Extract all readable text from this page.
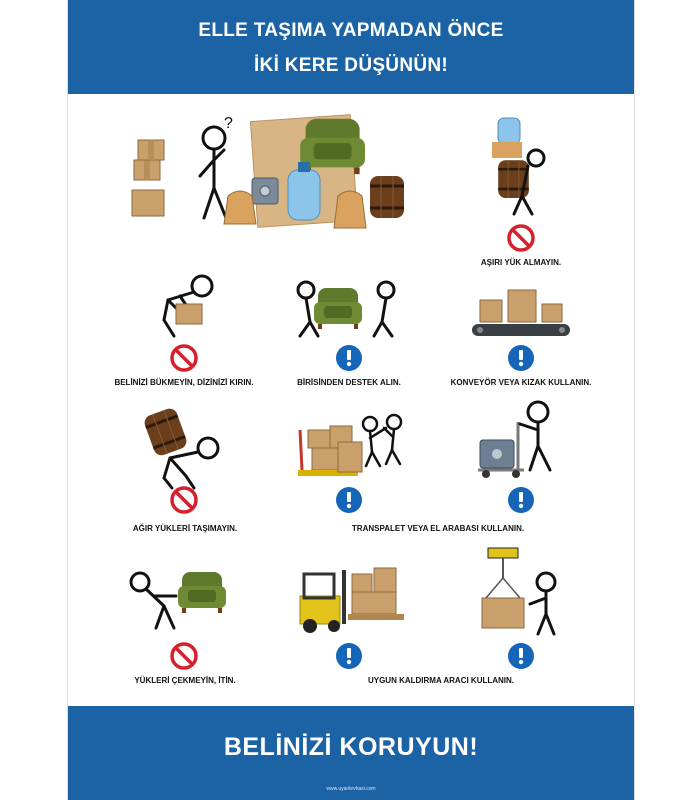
ELLE TAŞIMA YAPMADAN ÖNCE
İKİ KERE DÜŞÜNÜN!
?
AŞIRI YÜK ALMAYIN.
BELİNİZİ BÜKMEYİN, DİZİNİZİ KIRIN.	BİRİSİNDEN DESTEK ALIN.	KONVEYÖR VEYA KIZAK KULLANIN.
AĞIR YÜKLERİ TAŞIMAYIN.	TRANSPALET VEYA EL ARABASI KULLANIN.
YÜKLERİ ÇEKMEYİN, İTİN.	UYGUN KALDIRMA ARACI KULLANIN.
BELİNİZİ KORUYUN!
www.uyarilevhasi.com
